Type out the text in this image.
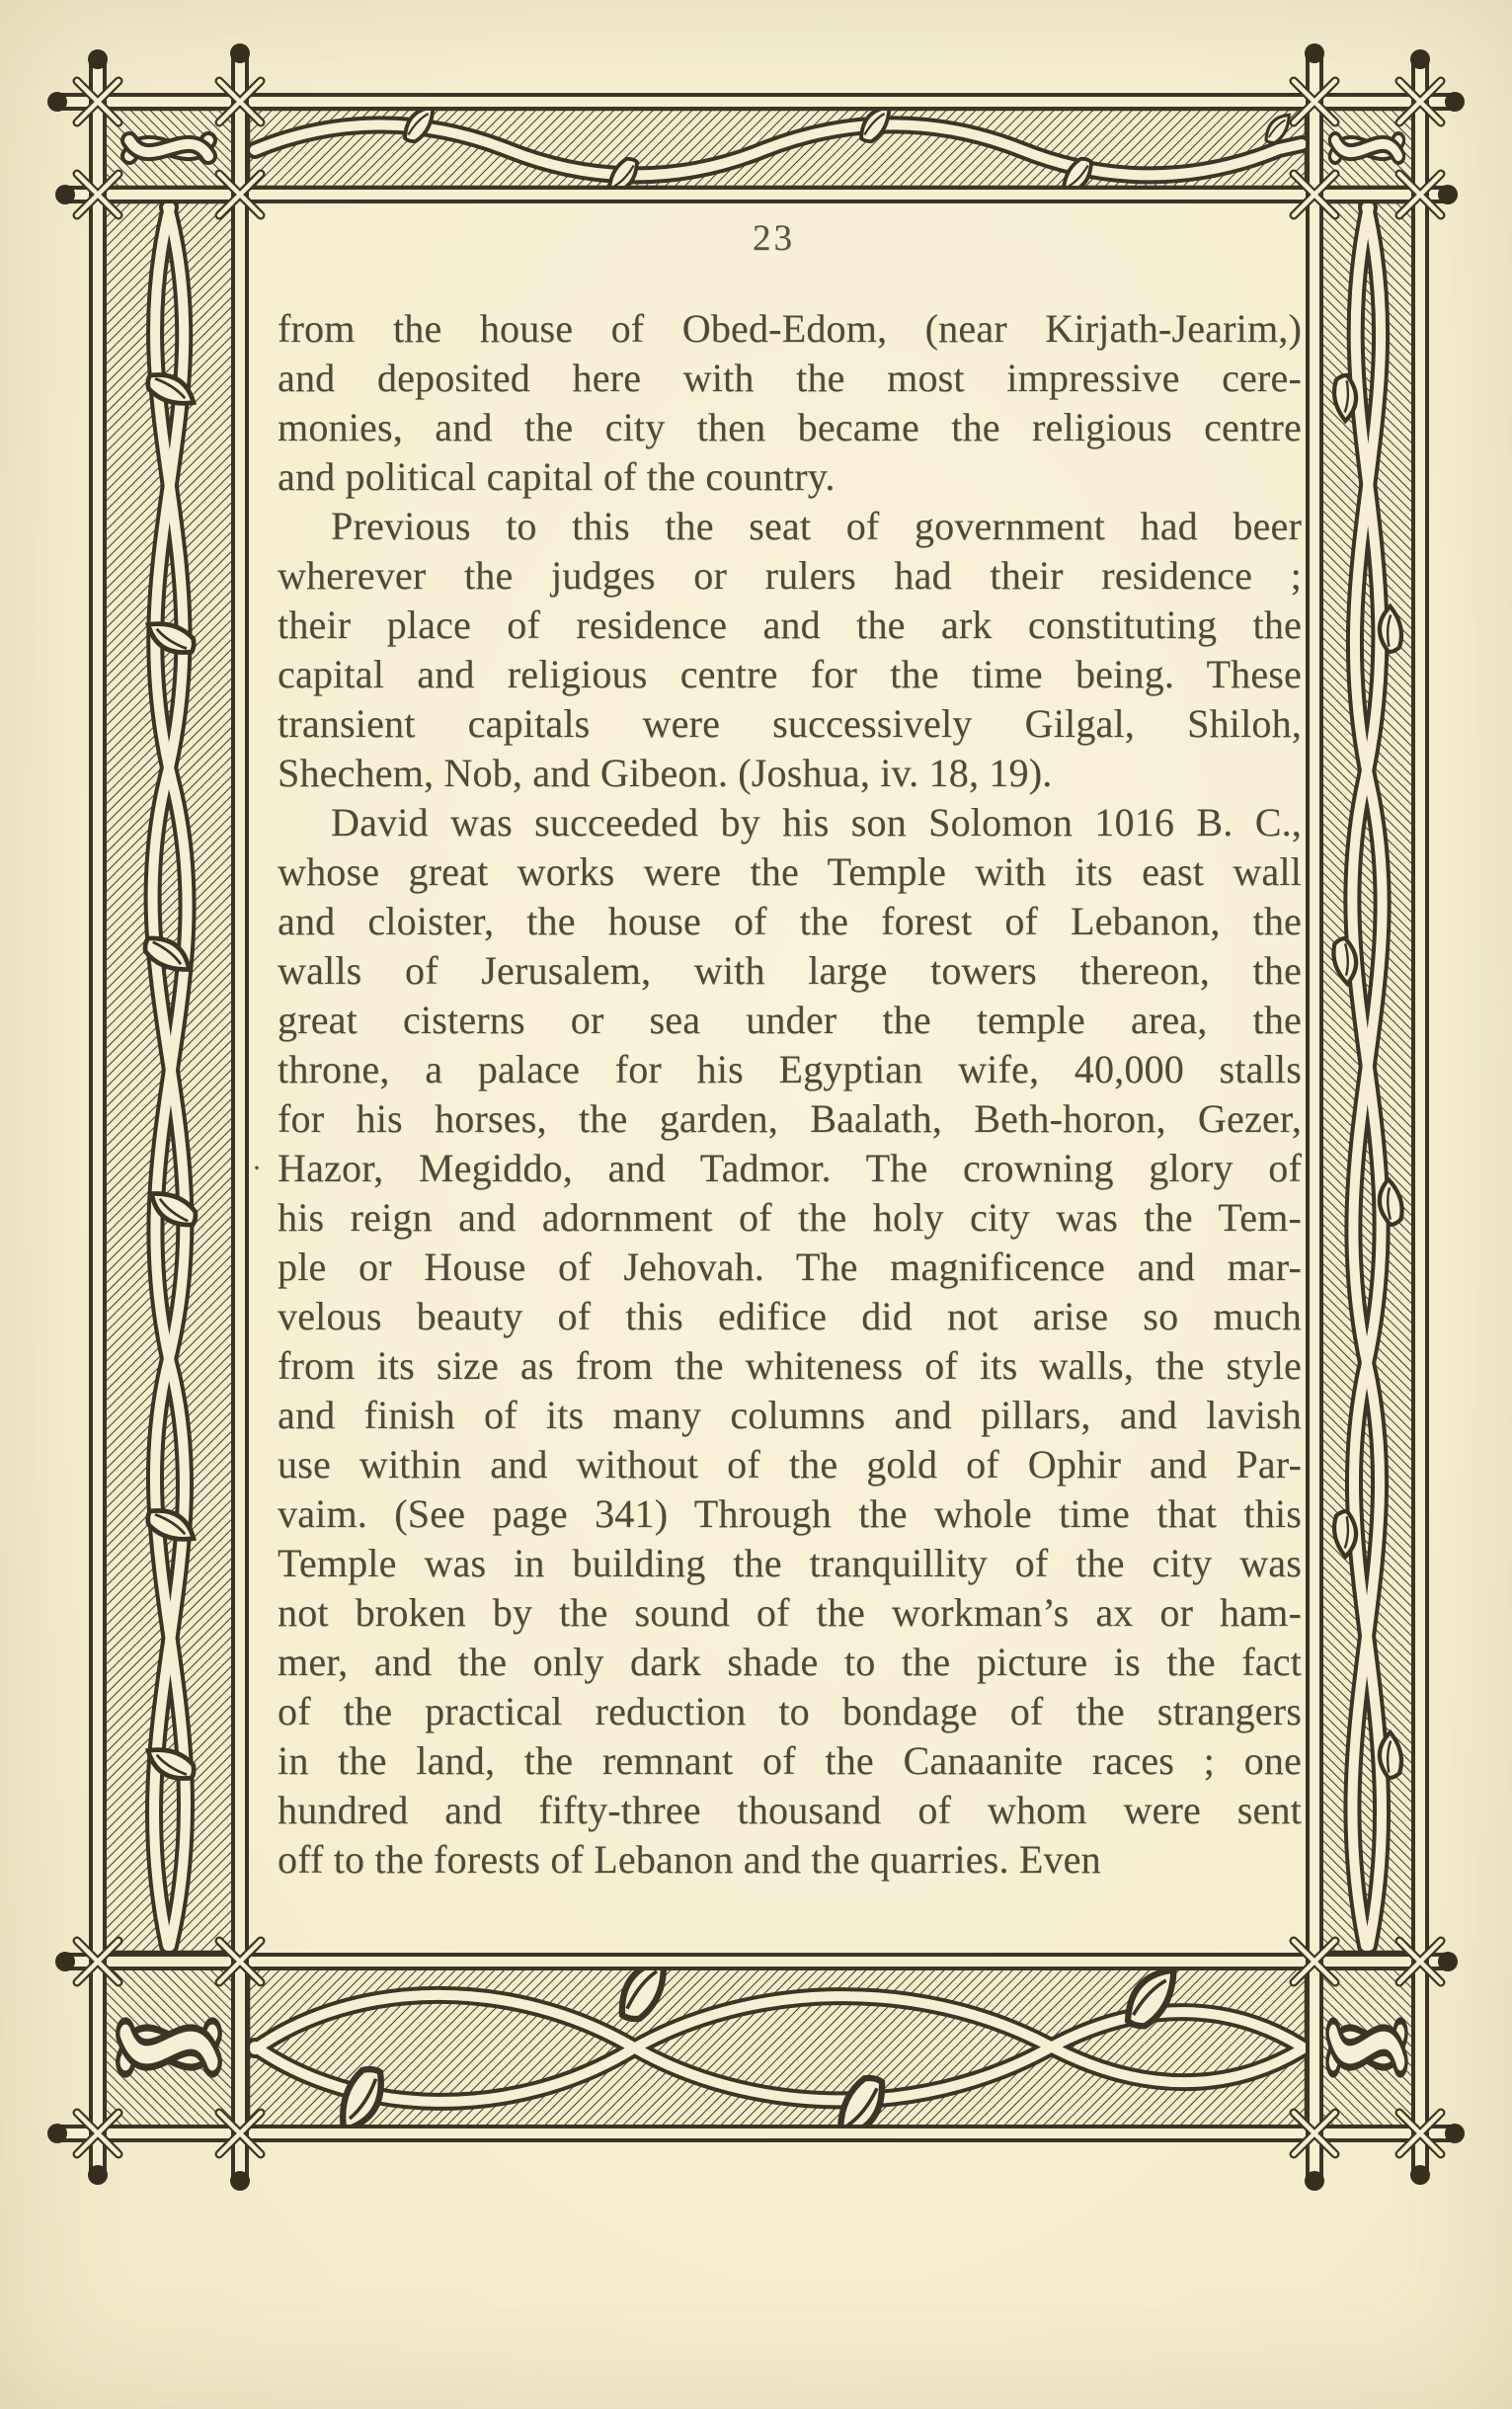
23
from the house of Obed-Edom, (near Kirjath-Jearim,)
and deposited here with the most impressive cere-
monies, and the city then became the religious centre
and political capital of the country.
Previous to this the seat of government had beer
wherever the judges or rulers had their residence ;
their place of residence and the ark constituting the
capital and religious centre for the time being. These
transient capitals were successively Gilgal, Shiloh,
Shechem, Nob, and Gibeon. (Joshua, iv. 18, 19).
David was succeeded by his son Solomon 1016 B. C.,
whose great works were the Temple with its east wall
and cloister, the house of the forest of Lebanon, the
walls of Jerusalem, with large towers thereon, the
great cisterns or sea under the temple area, the
throne, a palace for his Egyptian wife, 40,000 stalls
for his horses, the garden, Baalath, Beth-horon, Gezer,
· Hazor, Megiddo, and Tadmor. The crowning glory of
his reign and adornment of the holy city was the Tem-
ple or House of Jehovah. The magnificence and mar-
velous beauty of this edifice did not arise so much
from its size as from the whiteness of its walls, the style
and finish of its many columns and pillars, and lavish
use within and without of the gold of Ophir and Par-
vaim. (See page 341) Through the whole time that this
Temple was in building the tranquillity of the city was
not broken by the sound of the workman’s ax or ham-
mer, and the only dark shade to the picture is the fact
of the practical reduction to bondage of the strangers
in the land, the remnant of the Canaanite races ; one
hundred and fifty-three thousand of whom were sent
off to the forests of Lebanon and the quarries. Even
